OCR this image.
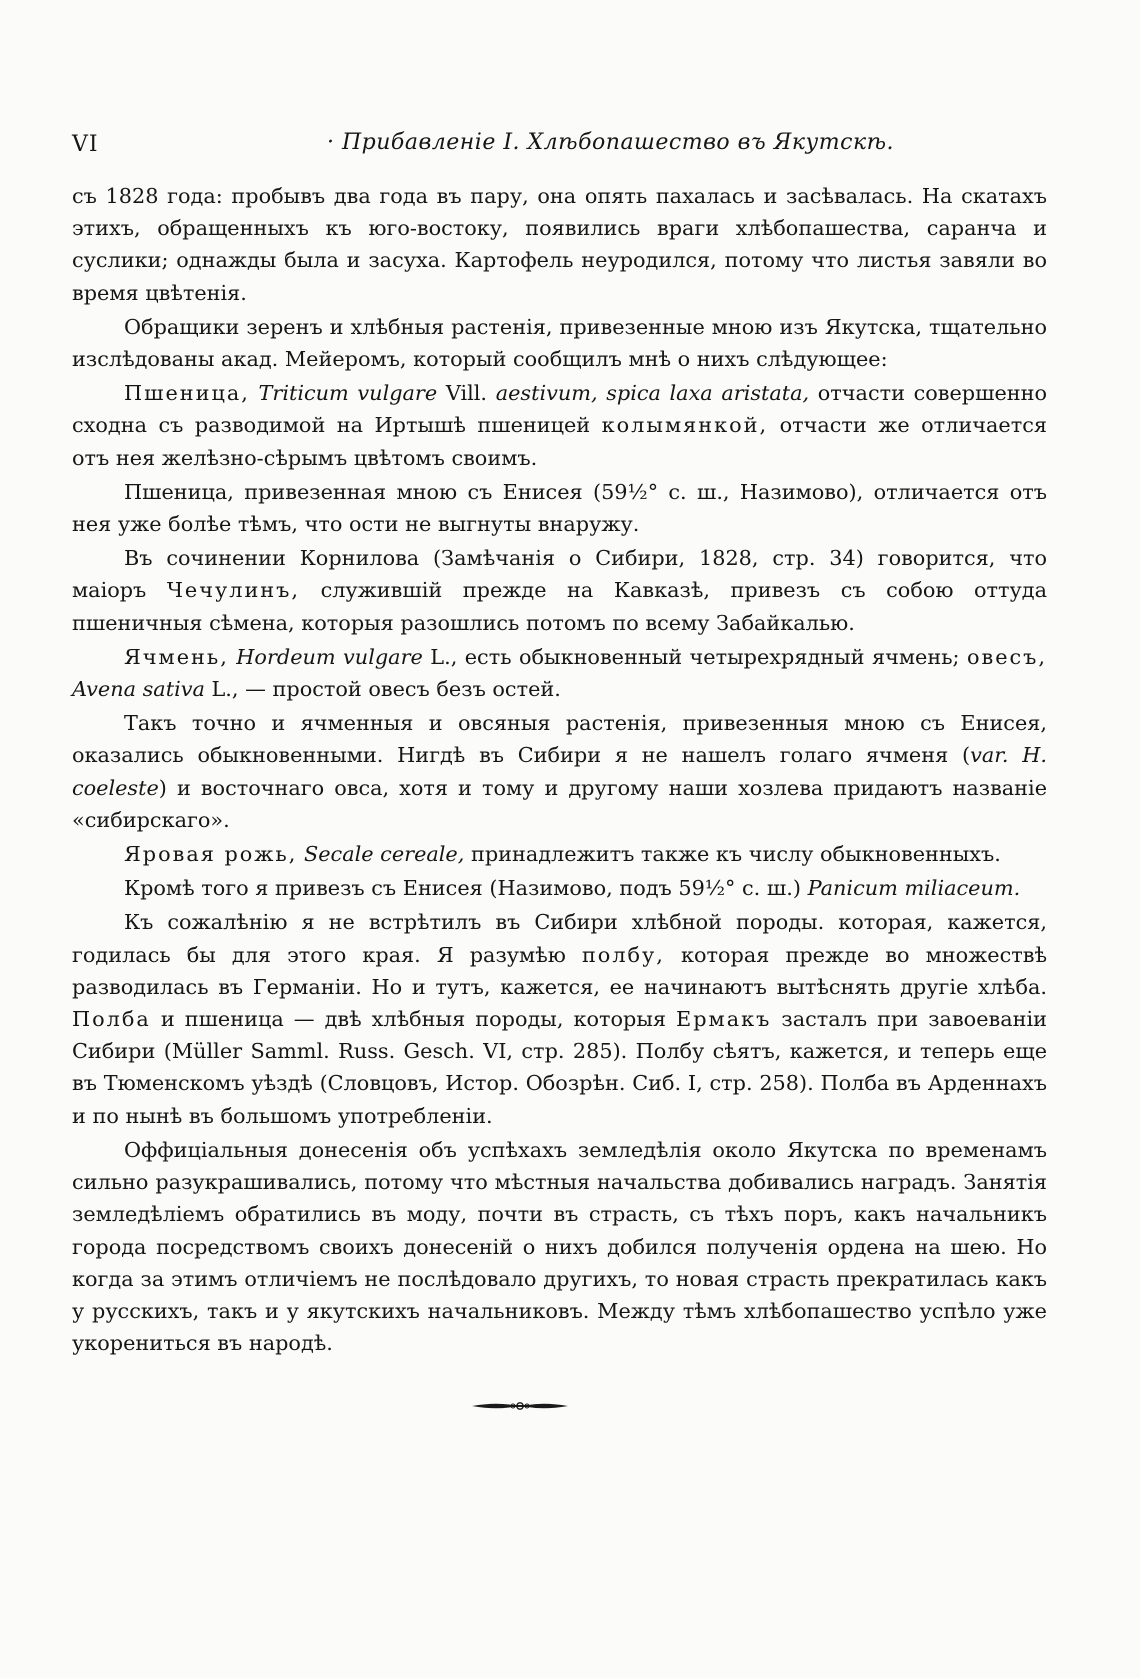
VI	· Прибавленіе I. Хлѣбопашество въ Якутскѣ.

съ 1828 года: пробывъ два года въ пару, она опять пахалась и засѣвалась. На скатахъ этихъ, обращенныхъ къ юго-востоку, появились враги хлѣбопашества, саранча и суслики; однажды была и засуха. Картофель неуродился, потому что листья завяли во время цвѣтенія.

Обращики зеренъ и хлѣбныя растенія, привезенные мною изъ Якутска, тщательно изслѣдованы акад. Мейеромъ, который сообщилъ мнѣ о нихъ слѣдующее:

Пшеница, Triticum vulgare Vill. aestivum, spica laxa aristata, отчасти совершенно сходна съ разводимой на Иртышѣ пшеницей колымянкой, отчасти же отличается отъ нея желѣзно-сѣрымъ цвѣтомъ своимъ.

Пшеница, привезенная мною съ Енисея (59½° с. ш., Назимово), отличается отъ нея уже болѣе тѣмъ, что ости не выгнуты внаружу.

Въ сочинении Корнилова (Замѣчанія о Сибири, 1828, стр. 34) говорится, что маіоръ Чечулинъ, служившій прежде на Кавказѣ, привезъ съ собою оттуда пшеничныя сѣмена, которыя разошлись потомъ по всему Забайкалью.

Ячмень, Hordeum vulgare L., есть обыкновенный четырехрядный ячмень; овесъ, Avena sativa L., — простой овесъ безъ остей.

Такъ точно и ячменныя и овсяныя растенія, привезенныя мною съ Енисея, оказались обыкновенными. Нигдѣ въ Сибири я не нашелъ голаго ячменя (var. H. coeleste) и восточнаго овса, хотя и тому и другому наши хозлева придаютъ названіе «сибирскаго».

Яровая рожь, Secale cereale, принадлежитъ также къ числу обыкновенныхъ.

Кромѣ того я привезъ съ Енисея (Назимово, подъ 59½° с. ш.) Panicum miliaceum.

Къ сожалѣнію я не встрѣтилъ въ Сибири хлѣбной породы. которая, кажется, годилась бы для этого края. Я разумѣю полбу, которая прежде во множествѣ разводилась въ Германіи. Но и тутъ, кажется, ее начинаютъ вытѣснять другіе хлѣба. Полба и пшеница — двѣ хлѣбныя породы, которыя Ермакъ засталъ при завоеваніи Сибири (Müller Samml. Russ. Gesch. VI, стр. 285). Полбу сѣятъ, кажется, и теперь еще въ Тюменскомъ уѣздѣ (Словцовъ, Истор. Обозрѣн. Сиб. I, стр. 258). Полба въ Арденнахъ и по нынѣ въ большомъ употребленіи.

Оффиціальныя донесенія объ успѣхахъ земледѣлія около Якутска по временамъ сильно разукрашивались, потому что мѣстныя начальства добивались наградъ. Занятія земледѣліемъ обратились въ моду, почти въ страсть, съ тѣхъ поръ, какъ начальникъ города посредствомъ своихъ донесеній о нихъ добился полученія ордена на шею. Но когда за этимъ отличіемъ не послѣдовало другихъ, то новая страсть прекратилась какъ у русскихъ, такъ и у якутскихъ начальниковъ. Между тѣмъ хлѣбопашество успѣло уже укорениться въ народѣ.
